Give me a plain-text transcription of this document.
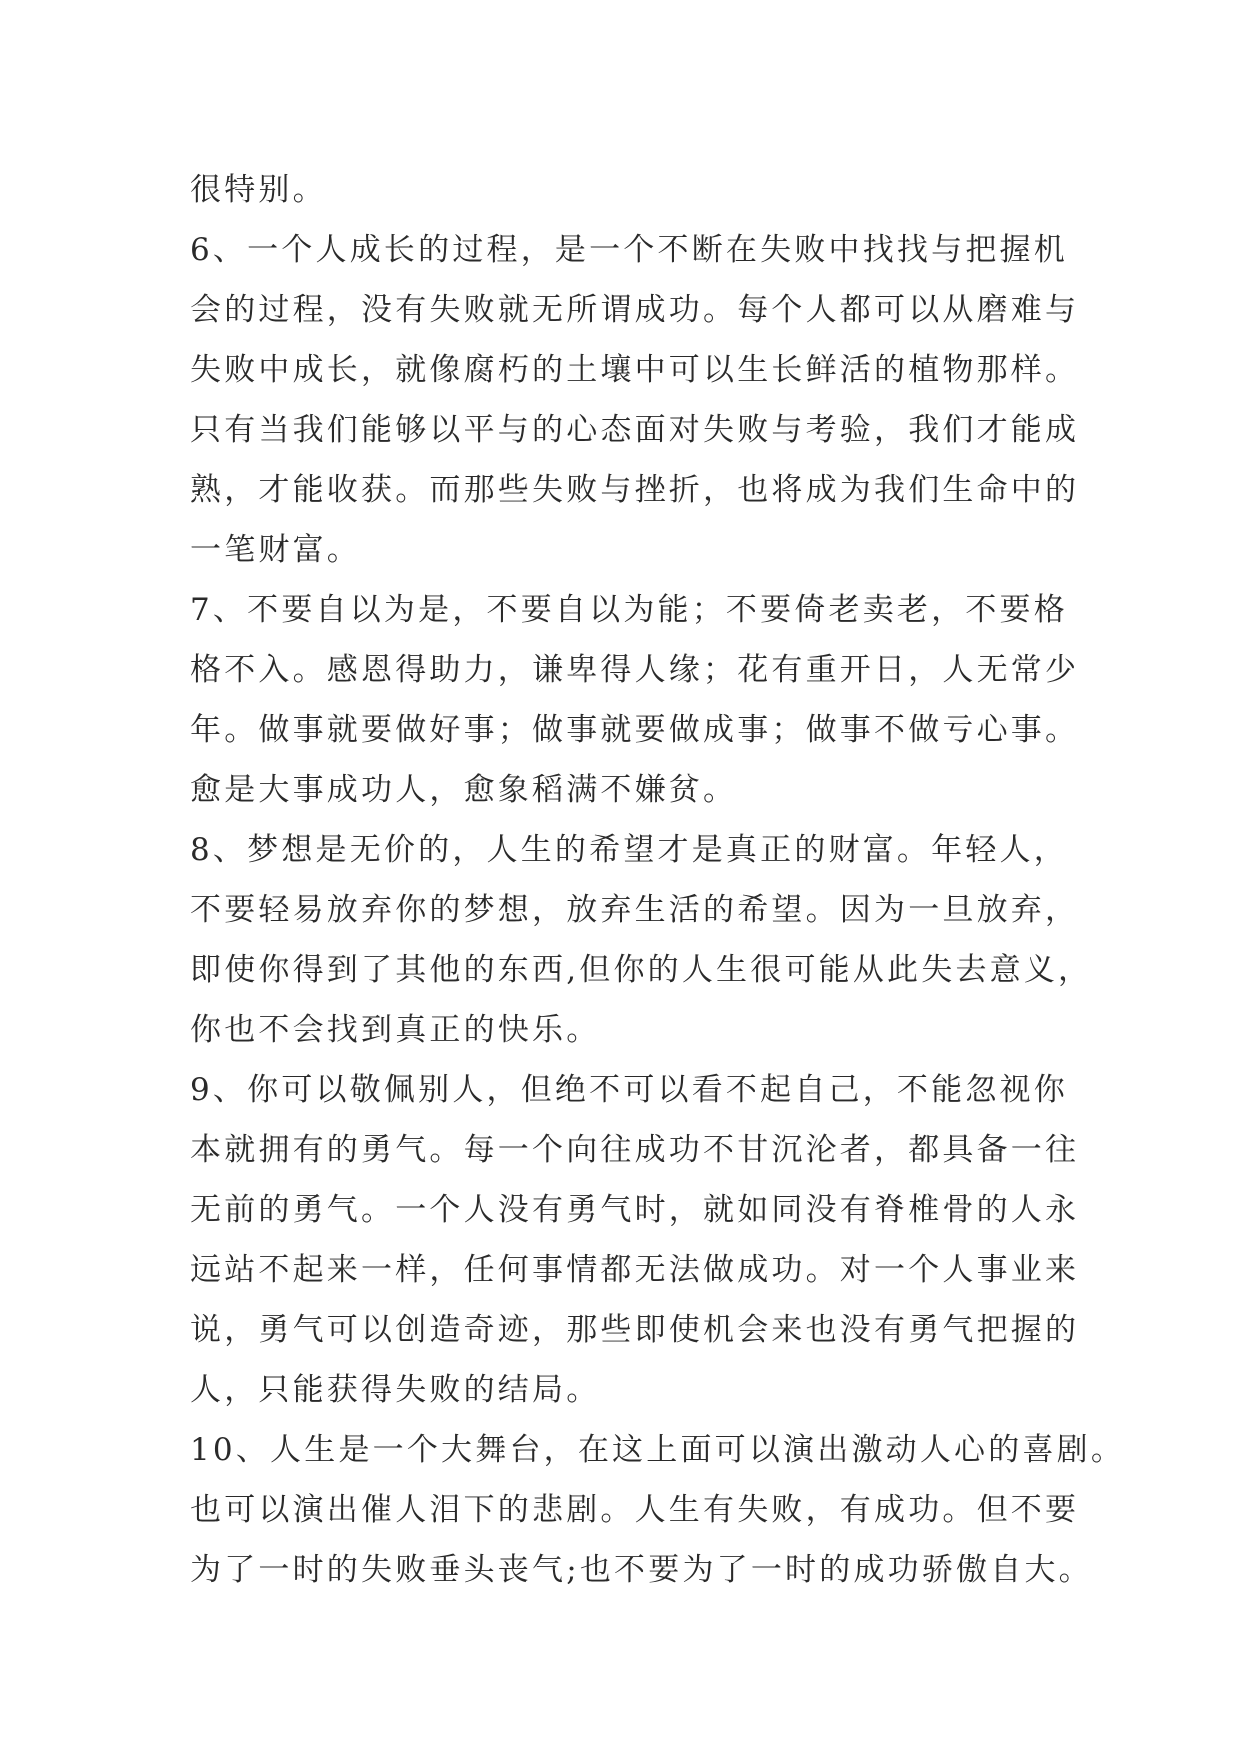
很特别。
6、一个人成长的过程，是一个不断在失败中找找与把握机
会的过程，没有失败就无所谓成功。每个人都可以从磨难与
失败中成长，就像腐朽的土壤中可以生长鲜活的植物那样。
只有当我们能够以平与的心态面对失败与考验，我们才能成
熟，才能收获。而那些失败与挫折，也将成为我们生命中的
一笔财富。
7、不要自以为是，不要自以为能；不要倚老卖老，不要格
格不入。感恩得助力，谦卑得人缘；花有重开日，人无常少
年。做事就要做好事；做事就要做成事；做事不做亏心事。
愈是大事成功人，愈象稻满不嫌贫。
8、梦想是无价的，人生的希望才是真正的财富。年轻人，
不要轻易放弃你的梦想，放弃生活的希望。因为一旦放弃，
即使你得到了其他的东西,但你的人生很可能从此失去意义，
你也不会找到真正的快乐。
9、你可以敬佩别人，但绝不可以看不起自己，不能忽视你
本就拥有的勇气。每一个向往成功不甘沉沦者，都具备一往
无前的勇气。一个人没有勇气时，就如同没有脊椎骨的人永
远站不起来一样，任何事情都无法做成功。对一个人事业来
说，勇气可以创造奇迹，那些即使机会来也没有勇气把握的
人，只能获得失败的结局。
10、人生是一个大舞台，在这上面可以演出激动人心的喜剧。
也可以演出催人泪下的悲剧。人生有失败，有成功。但不要
为了一时的失败垂头丧气;也不要为了一时的成功骄傲自大。
